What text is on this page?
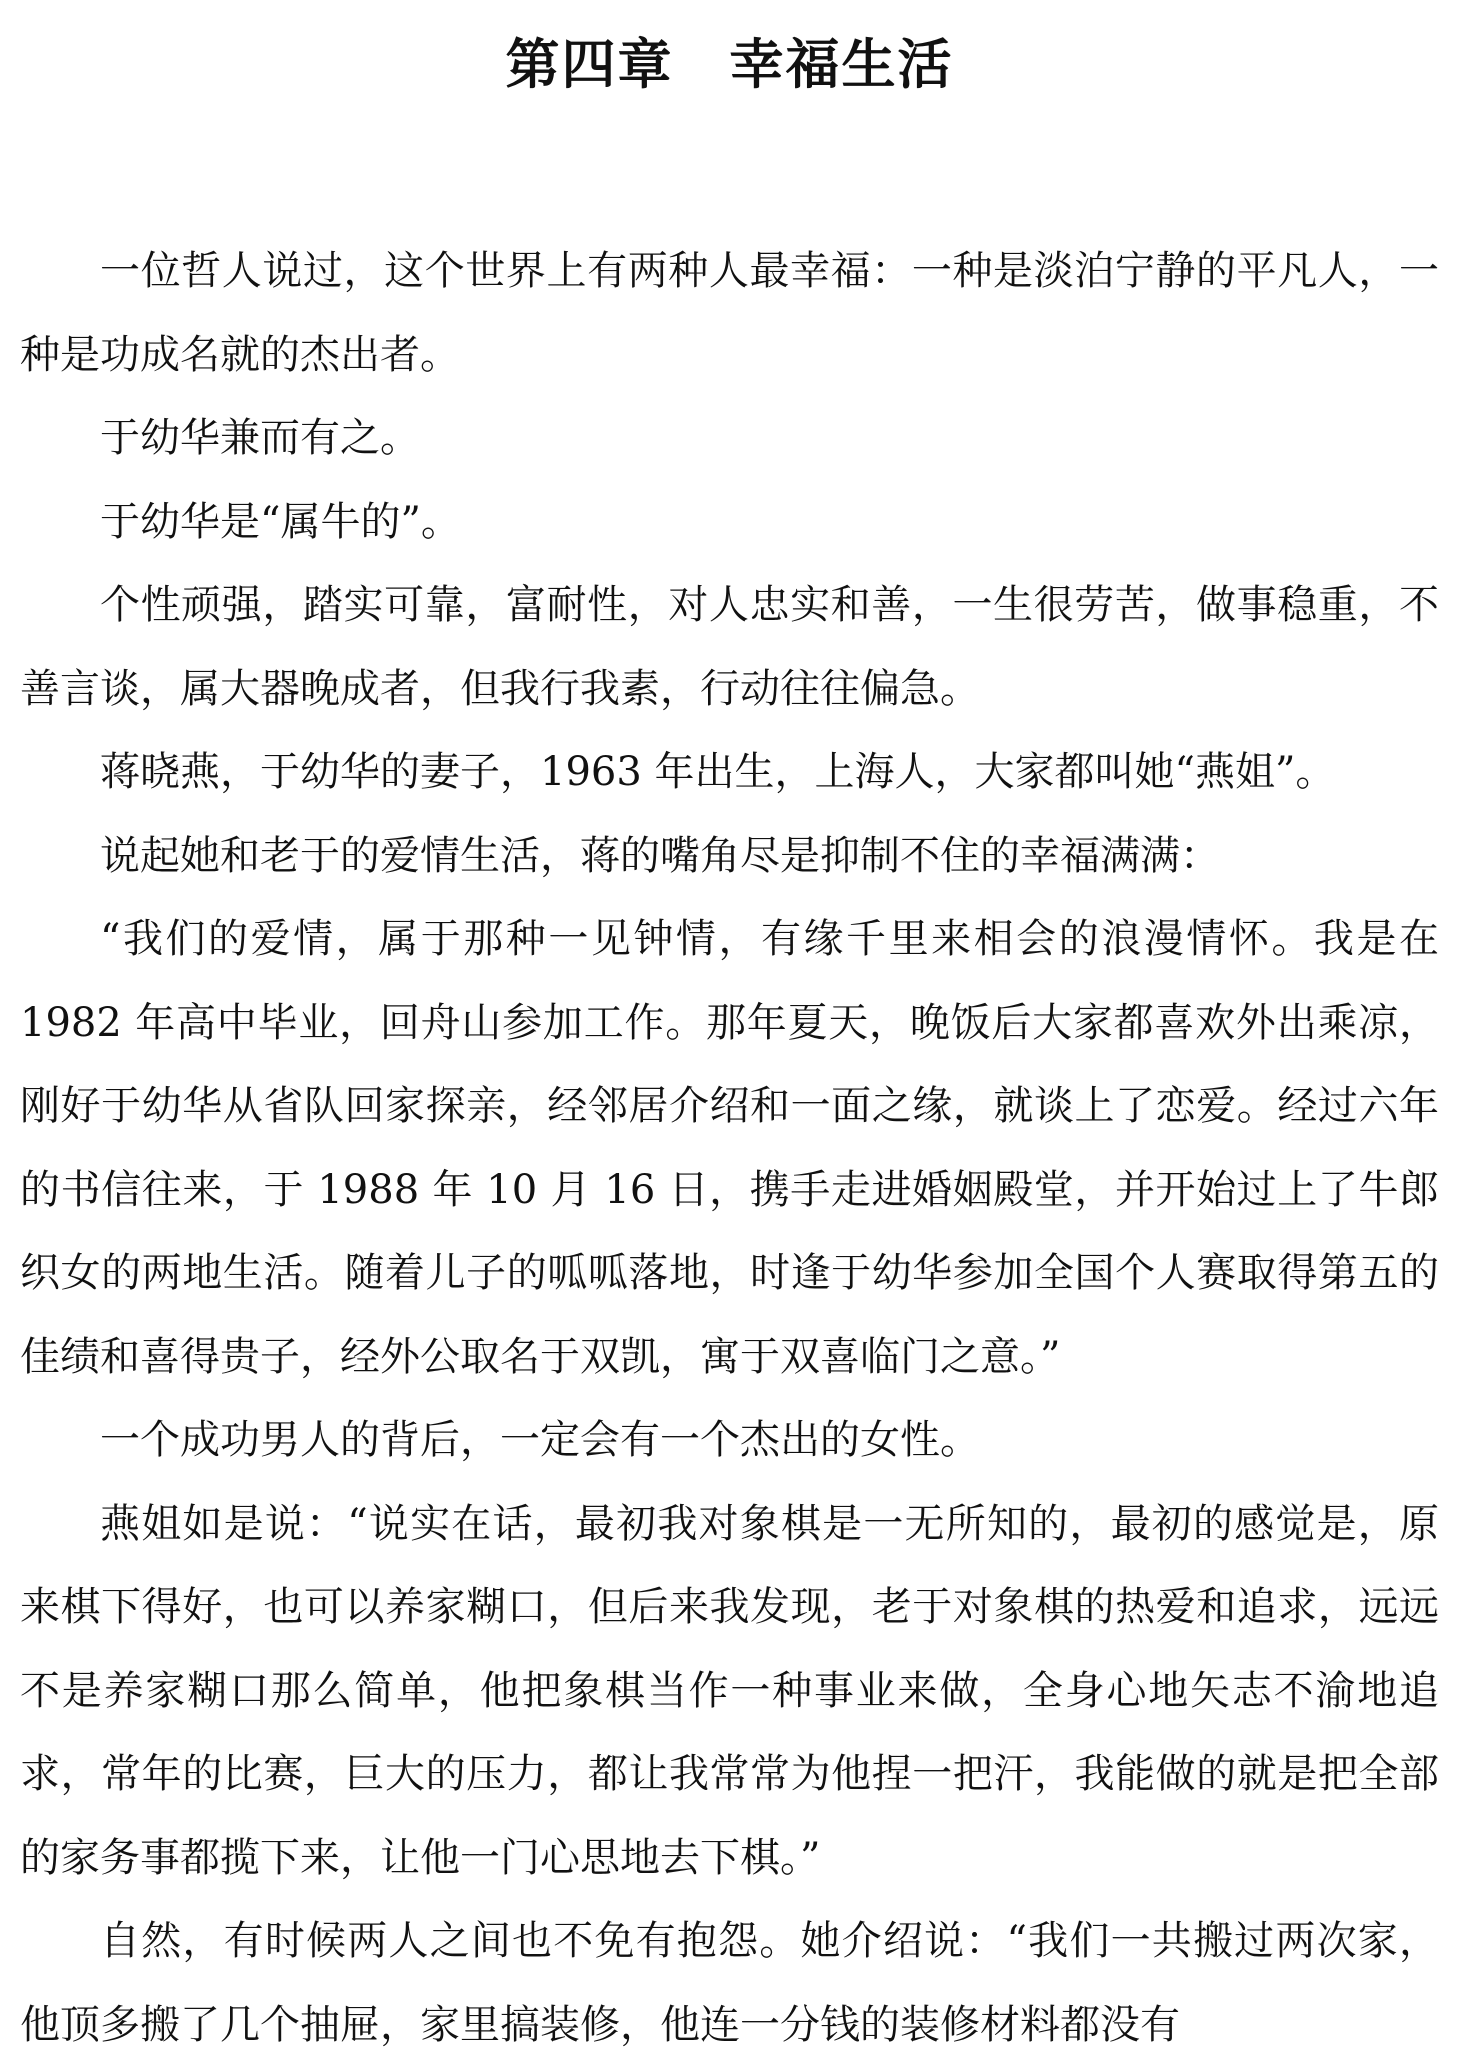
第四章　幸福生活

一位哲人说过，这个世界上有两种人最幸福：一种是淡泊宁静的平凡人，一种是功成名就的杰出者。

于幼华兼而有之。

于幼华是“属牛的”。

个性顽强，踏实可靠，富耐性，对人忠实和善，一生很劳苦，做事稳重，不善言谈，属大器晚成者，但我行我素，行动往往偏急。

蒋晓燕，于幼华的妻子，1963 年出生，上海人，大家都叫她“燕姐”。

说起她和老于的爱情生活，蒋的嘴角尽是抑制不住的幸福满满：

“我们的爱情，属于那种一见钟情，有缘千里来相会的浪漫情怀。我是在 1982 年高中毕业，回舟山参加工作。那年夏天，晚饭后大家都喜欢外出乘凉，刚好于幼华从省队回家探亲，经邻居介绍和一面之缘，就谈上了恋爱。经过六年的书信往来，于 1988 年 10 月 16 日，携手走进婚姻殿堂，并开始过上了牛郎织女的两地生活。随着儿子的呱呱落地，时逢于幼华参加全国个人赛取得第五的佳绩和喜得贵子，经外公取名于双凯，寓于双喜临门之意。”

一个成功男人的背后，一定会有一个杰出的女性。

燕姐如是说：“说实在话，最初我对象棋是一无所知的，最初的感觉是，原来棋下得好，也可以养家糊口，但后来我发现，老于对象棋的热爱和追求，远远不是养家糊口那么简单，他把象棋当作一种事业来做，全身心地矢志不渝地追求，常年的比赛，巨大的压力，都让我常常为他捏一把汗，我能做的就是把全部的家务事都揽下来，让他一门心思地去下棋。”

自然，有时候两人之间也不免有抱怨。她介绍说：“我们一共搬过两次家，他顶多搬了几个抽屉，家里搞装修，他连一分钱的装修材料都没有
